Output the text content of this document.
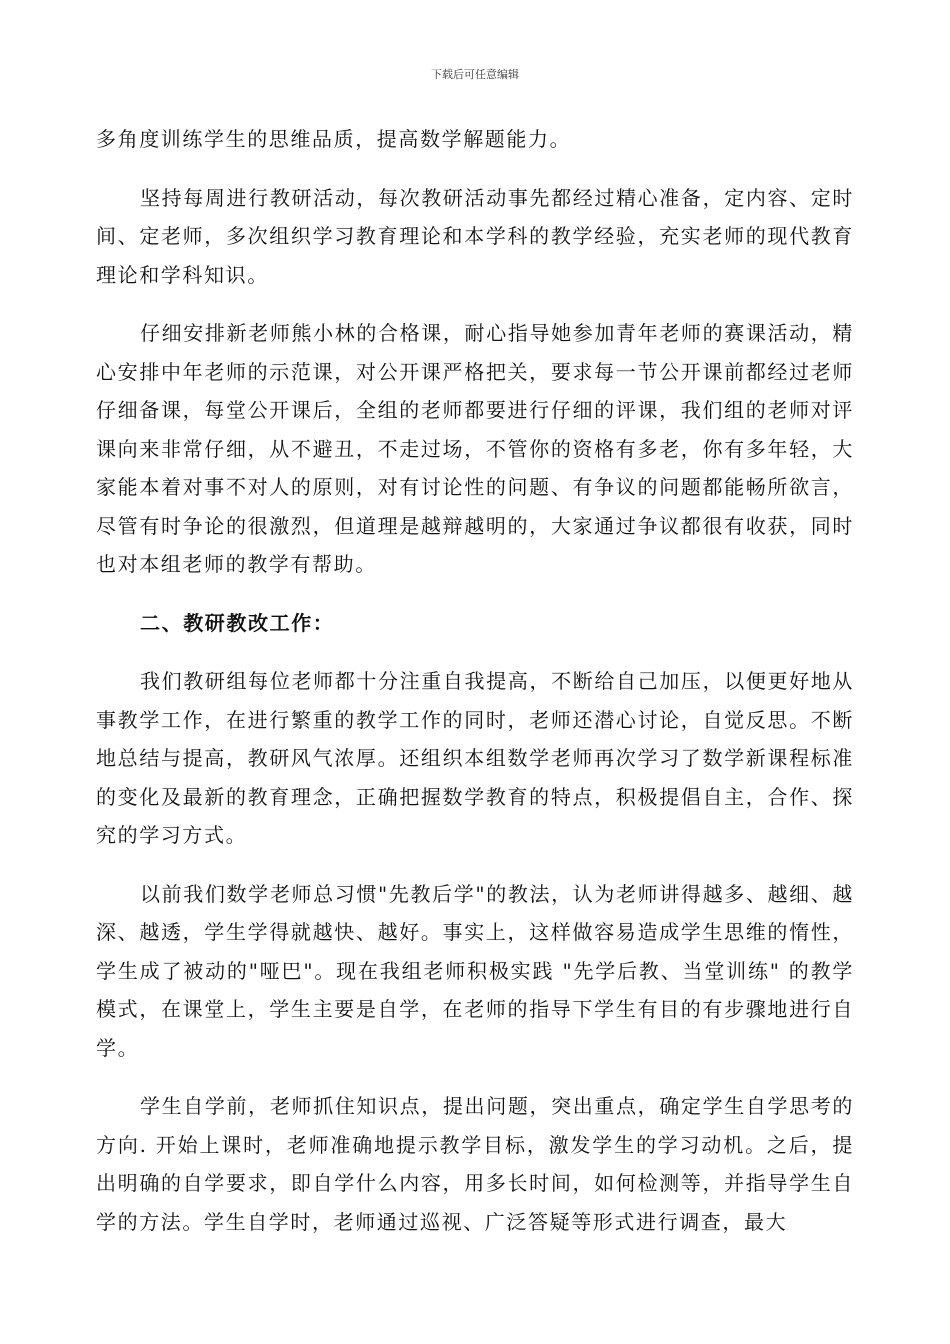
下载后可任意编辑

多角度训练学生的思维品质，提高数学解题能力。

坚持每周进行教研活动，每次教研活动事先都经过精心准备，定内容、定时间、定老师，多次组织学习教育理论和本学科的教学经验，充实老师的现代教育理论和学科知识。

仔细安排新老师熊小林的合格课，耐心指导她参加青年老师的赛课活动，精心安排中年老师的示范课，对公开课严格把关，要求每一节公开课前都经过老师仔细备课，每堂公开课后，全组的老师都要进行仔细的评课，我们组的老师对评课向来非常仔细，从不避丑，不走过场，不管你的资格有多老，你有多年轻，大家能本着对事不对人的原则，对有讨论性的问题、有争议的问题都能畅所欲言，尽管有时争论的很激烈，但道理是越辩越明的，大家通过争议都很有收获，同时也对本组老师的教学有帮助。

二、教研教改工作：

我们教研组每位老师都十分注重自我提高，不断给自己加压，以便更好地从事教学工作，在进行繁重的教学工作的同时，老师还潜心讨论，自觉反思。不断地总结与提高，教研风气浓厚。还组织本组数学老师再次学习了数学新课程标准的变化及最新的教育理念，正确把握数学教育的特点，积极提倡自主，合作、探究的学习方式。

以前我们数学老师总习惯"先教后学"的教法，认为老师讲得越多、越细、越深、越透，学生学得就越快、越好。事实上，这样做容易造成学生思维的惰性，学生成了被动的"哑巴"。现在我组老师积极实践 "先学后教、当堂训练" 的教学模式，在课堂上，学生主要是自学，在老师的指导下学生有目的有步骤地进行自学。

学生自学前，老师抓住知识点，提出问题，突出重点，确定学生自学思考的方向. 开始上课时，老师准确地提示教学目标，激发学生的学习动机。之后，提出明确的自学要求，即自学什么内容，用多长时间，如何检测等，并指导学生自学的方法。学生自学时，老师通过巡视、广泛答疑等形式进行调查，最大
